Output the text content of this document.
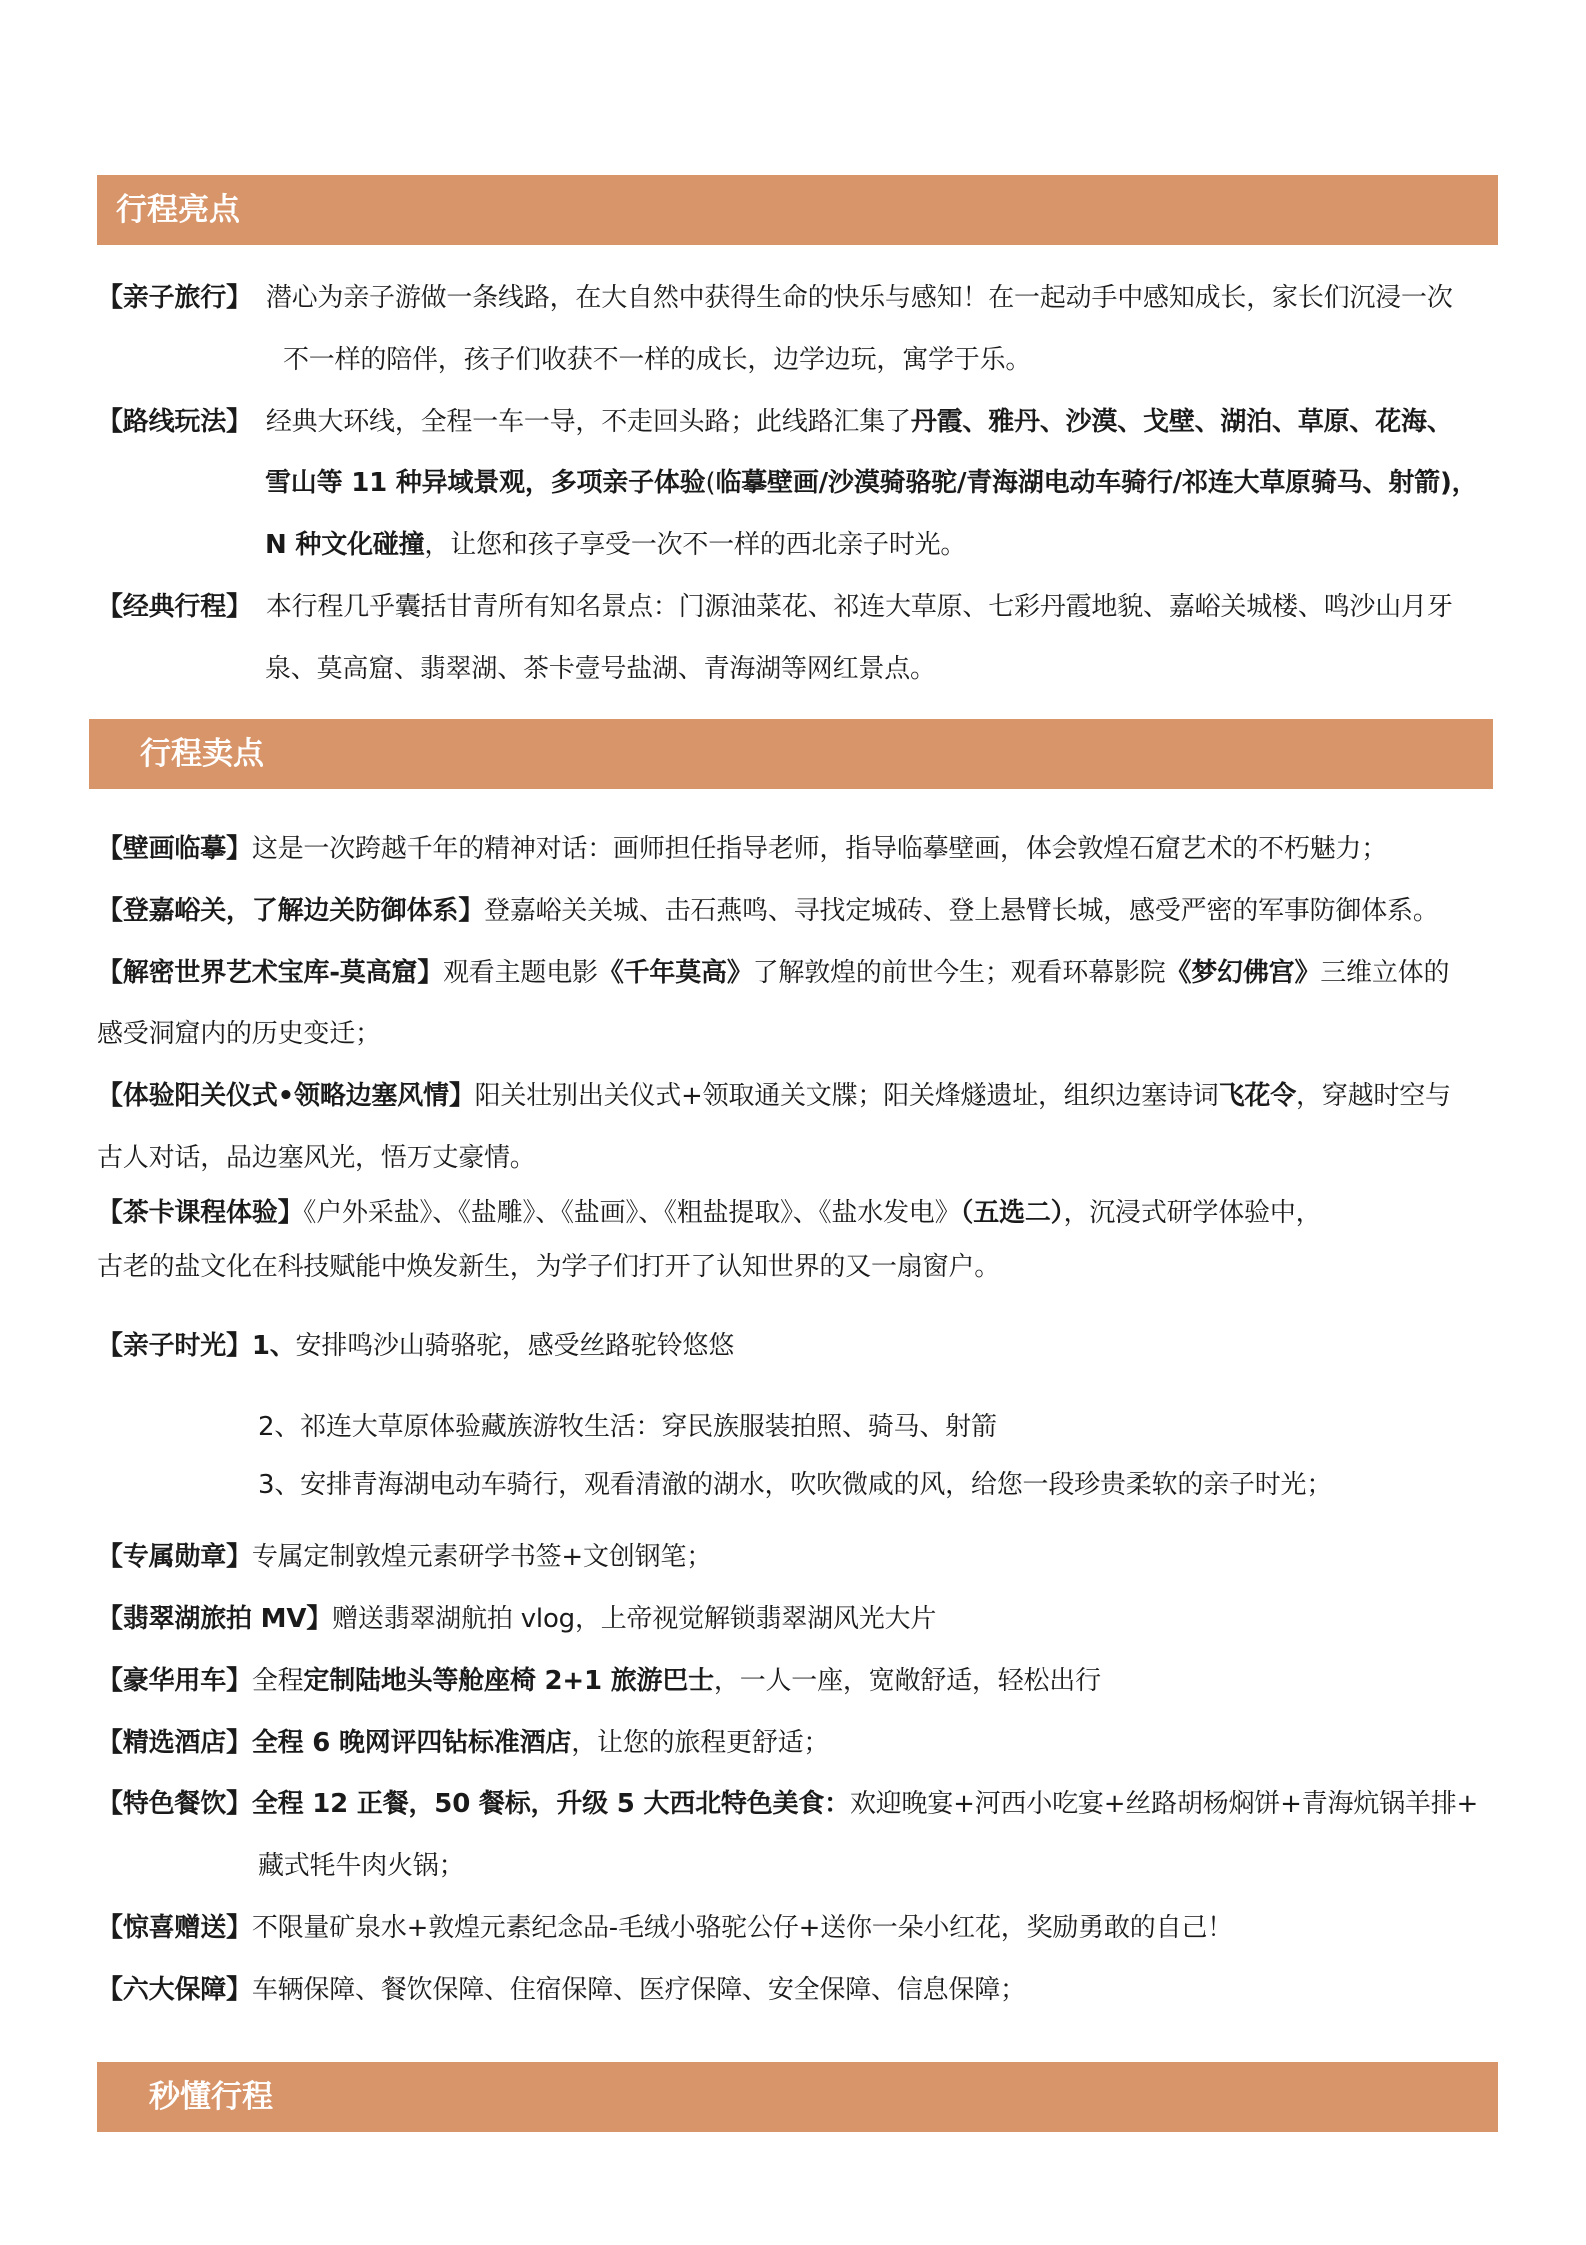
行程亮点
【亲子旅行】 潜心为亲子游做一条线路，在大自然中获得生命的快乐与感知！在一起动手中感知成长，家长们沉浸一次
不一样的陪伴，孩子们收获不一样的成长，边学边玩，寓学于乐。
【路线玩法】 经典大环线，全程一车一导，不走回头路；此线路汇集了丹霞、雅丹、沙漠、戈壁、湖泊、草原、花海、
雪山等 11 种异域景观，多项亲子体验(临摹壁画/沙漠骑骆驼/青海湖电动车骑行/祁连大草原骑马、射箭)，
N 种文化碰撞，让您和孩子享受一次不一样的西北亲子时光。
【经典行程】 本行程几乎囊括甘青所有知名景点：门源油菜花、祁连大草原、七彩丹霞地貌、嘉峪关城楼、鸣沙山月牙
泉、莫高窟、翡翠湖、茶卡壹号盐湖、青海湖等网红景点。
行程卖点
【壁画临摹】这是一次跨越千年的精神对话：画师担任指导老师，指导临摹壁画，体会敦煌石窟艺术的不朽魅力；
【登嘉峪关，了解边关防御体系】登嘉峪关关城、击石燕鸣、寻找定城砖、登上悬臂长城，感受严密的军事防御体系。
【解密世界艺术宝库-莫高窟】观看主题电影《千年莫高》了解敦煌的前世今生；观看环幕影院《梦幻佛宫》三维立体的
感受洞窟内的历史变迁；
【体验阳关仪式•领略边塞风情】阳关壮别出关仪式+领取通关文牒；阳关烽燧遗址，组织边塞诗词飞花令，穿越时空与
古人对话，品边塞风光，悟万丈豪情。
【茶卡课程体验】《户外采盐》、《盐雕》、《盐画》、《粗盐提取》、《盐水发电》（五选二），沉浸式研学体验中，
古老的盐文化在科技赋能中焕发新生，为学子们打开了认知世界的又一扇窗户。
【亲子时光】1、安排鸣沙山骑骆驼，感受丝路驼铃悠悠
2、祁连大草原体验藏族游牧生活：穿民族服装拍照、骑马、射箭
3、安排青海湖电动车骑行，观看清澈的湖水，吹吹微咸的风，给您一段珍贵柔软的亲子时光；
【专属勋章】专属定制敦煌元素研学书签+文创钢笔；
【翡翠湖旅拍 MV】赠送翡翠湖航拍 vlog，上帝视觉解锁翡翠湖风光大片
【豪华用车】全程定制陆地头等舱座椅 2+1 旅游巴士，一人一座，宽敞舒适，轻松出行
【精选酒店】全程 6 晚网评四钻标准酒店，让您的旅程更舒适；
【特色餐饮】全程 12 正餐，50 餐标，升级 5 大西北特色美食：欢迎晚宴+河西小吃宴+丝路胡杨焖饼+青海炕锅羊排+
藏式牦牛肉火锅；
【惊喜赠送】不限量矿泉水+敦煌元素纪念品-毛绒小骆驼公仔+送你一朵小红花，奖励勇敢的自己！
【六大保障】车辆保障、餐饮保障、住宿保障、医疗保障、安全保障、信息保障；
秒懂行程
